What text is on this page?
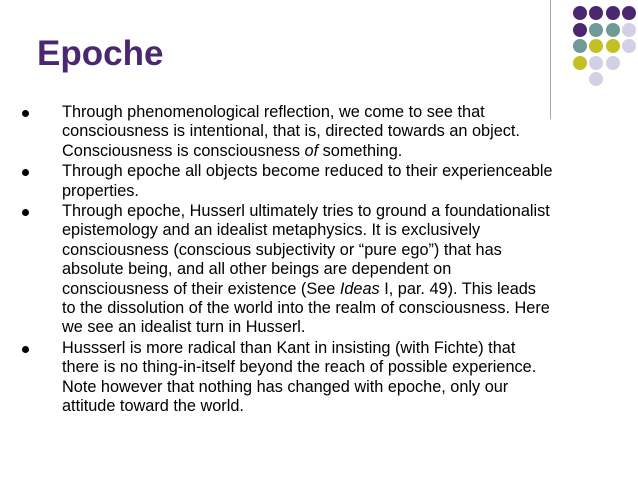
Epoche
Through phenomenological reflection, we come to see that
consciousness is intentional, that is, directed towards an object.
Consciousness is consciousness of something.
Through epoche all objects become reduced to their experienceable
properties.
Through epoche, Husserl ultimately tries to ground a foundationalist
epistemology and an idealist metaphysics. It is exclusively
consciousness (conscious subjectivity or “pure ego”) that has
absolute being, and all other beings are dependent on
consciousness of their existence (See Ideas I, par. 49). This leads
to the dissolution of the world into the realm of consciousness. Here
we see an idealist turn in Husserl.
Hussserl is more radical than Kant in insisting (with Fichte) that
there is no thing-in-itself beyond the reach of possible experience.
Note however that nothing has changed with epoche, only our
attitude toward the world.
